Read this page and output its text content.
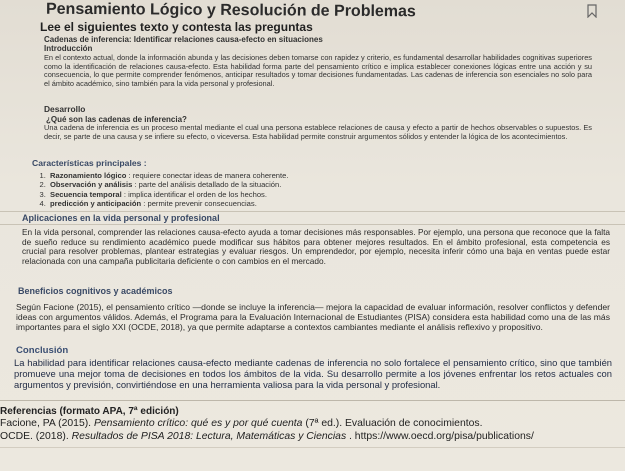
Pensamiento Lógico y Resolución de Problemas
Lee el siguientes texto y contesta las preguntas
Cadenas de inferencia: Identificar relaciones causa-efecto en situaciones
Introducción
En el contexto actual, donde la información abunda y las decisiones deben tomarse con rapidez y criterio, es fundamental desarrollar habilidades cognitivas superiores como la identificación de relaciones causa-efecto. Esta habilidad forma parte del pensamiento crítico e implica establecer conexiones lógicas entre una acción y su consecuencia, lo que permite comprender fenómenos, anticipar resultados y tomar decisiones fundamentadas. Las cadenas de inferencia son esenciales no solo para el ámbito académico, sino también para la vida personal y profesional.
Desarrollo
¿Qué son las cadenas de inferencia?
Una cadena de inferencia es un proceso mental mediante el cual una persona establece relaciones de causa y efecto a partir de hechos observables o supuestos. Es decir, se parte de una causa y se infiere su efecto, o viceversa. Esta habilidad permite construir argumentos sólidos y entender la lógica de los acontecimientos.
Características principales :
1. Razonamiento lógico : requiere conectar ideas de manera coherente.
2. Observación y análisis : parte del análisis detallado de la situación.
3. Secuencia temporal : implica identificar el orden de los hechos.
4. predicción y anticipación : permite prevenir consecuencias.
Aplicaciones en la vida personal y profesional
En la vida personal, comprender las relaciones causa-efecto ayuda a tomar decisiones más responsables. Por ejemplo, una persona que reconoce que la falta de sueño reduce su rendimiento académico puede modificar sus hábitos para obtener mejores resultados. En el ámbito profesional, esta competencia es crucial para resolver problemas, plantear estrategias y evaluar riesgos. Un emprendedor, por ejemplo, necesita inferir cómo una baja en ventas puede estar relacionada con una campaña publicitaria deficiente o con cambios en el mercado.
Beneficios cognitivos y académicos
Según Facione (2015), el pensamiento crítico —donde se incluye la inferencia— mejora la capacidad de evaluar información, resolver conflictos y defender ideas con argumentos válidos. Además, el Programa para la Evaluación Internacional de Estudiantes (PISA) considera esta habilidad como una de las más importantes para el siglo XXI (OCDE, 2018), ya que permite adaptarse a contextos cambiantes mediante el análisis reflexivo y propositivo.
Conclusión
La habilidad para identificar relaciones causa-efecto mediante cadenas de inferencia no solo fortalece el pensamiento crítico, sino que también promueve una mejor toma de decisiones en todos los ámbitos de la vida. Su desarrollo permite a los jóvenes enfrentar los retos actuales con argumentos y previsión, convirtiéndose en una herramienta valiosa para la vida personal y profesional.
Referencias (formato APA, 7ª edición)
Facione, PA (2015). Pensamiento crítico: qué es y por qué cuenta (7ª ed.). Evaluación de conocimientos.
OCDE. (2018). Resultados de PISA 2018: Lectura, Matemáticas y Ciencias . https://www.oecd.org/pisa/publications/
